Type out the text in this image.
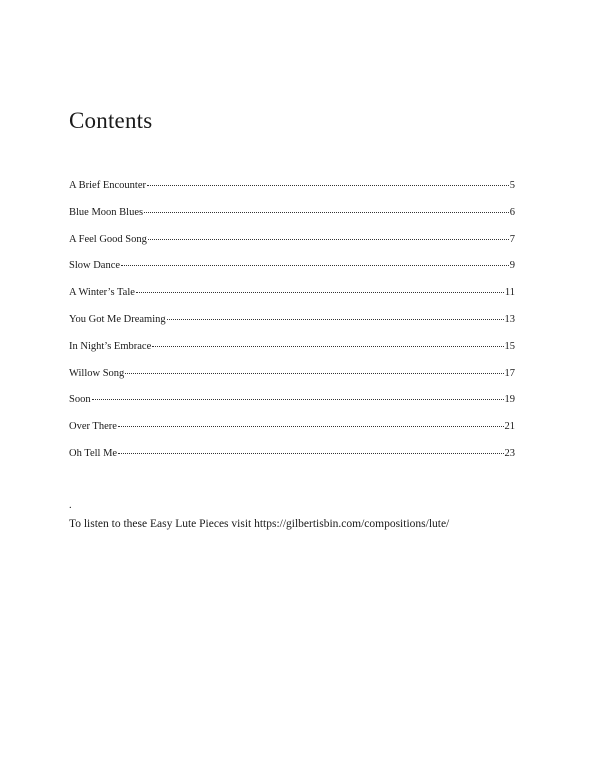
Contents
A Brief Encounter	5
Blue Moon Blues	6
A Feel Good Song	7
Slow Dance	9
A Winter’s Tale	11
You Got Me Dreaming	13
In Night’s Embrace	15
Willow Song	17
Soon	19
Over There	21
Oh Tell Me	23
.
To listen to these Easy Lute Pieces visit https://gilbertisbin.com/compositions/lute/
